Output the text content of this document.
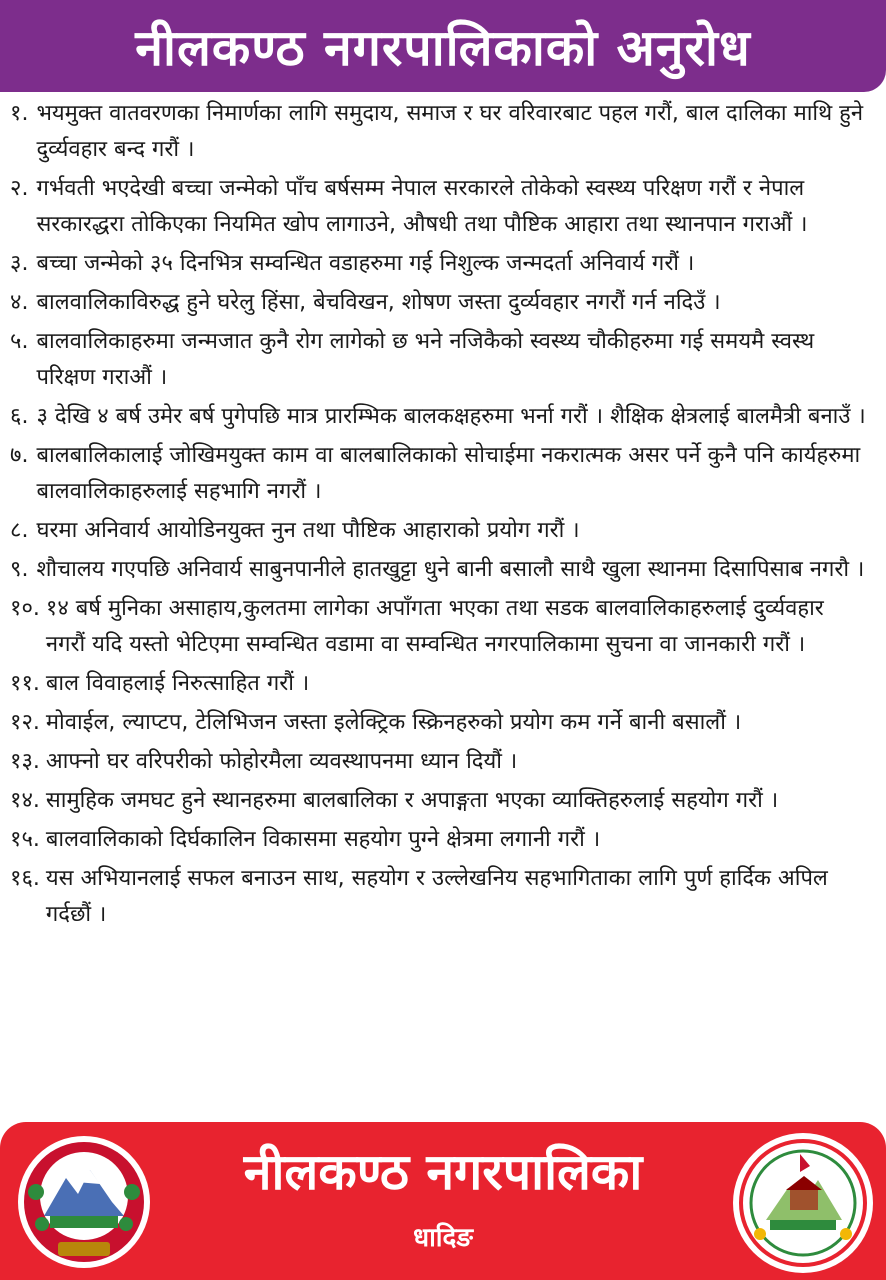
नीलकण्ठ नगरपालिकाको अनुरोध
१. भयमुक्त वातवरणका निमार्णका लागि समुदाय, समाज र घर वरिवारबाट पहल गरौं, बाल दालिका माथि हुने दुर्व्यवहार बन्द गरौं ।
२. गर्भवती भएदेखी बच्चा जन्मेको पाँच बर्षसम्म नेपाल सरकारले तोकेको स्वस्थ्य परिक्षण गरौं र नेपाल सरकारद्धरा तोकिएका नियमित खोप लागाउने, औषधी तथा पौष्टिक आहारा तथा स्थानपान गराऔं ।
३. बच्चा जन्मेको ३५ दिनभित्र सम्वन्धित वडाहरुमा गई निशुल्क जन्मदर्ता अनिवार्य गरौं ।
४. बालवालिकाविरुद्ध हुने घरेलु हिंसा, बेचविखन, शोषण जस्ता दुर्व्यवहार नगरौं गर्न नदिउँ ।
५. बालवालिकाहरुमा जन्मजात कुनै रोग लागेको छ भने नजिकैको स्वस्थ्य चौकीहरुमा गई समयमै स्वस्थ परिक्षण गराऔं ।
६. ३ देखि ४ बर्ष उमेर बर्ष पुगेपछि मात्र प्रारम्भिक बालकक्षहरुमा भर्ना गरौं । शैक्षिक क्षेत्रलाई बालमैत्री बनाउँ ।
७. बालबालिकालाई जोखिमयुक्त काम वा बालबालिकाको सोचाईमा नकरात्मक असर पर्ने कुनै पनि कार्यहरुमा बालवालिकाहरुलाई सहभागि नगरौं ।
८. घरमा अनिवार्य आयोडिनयुक्त नुन तथा पौष्टिक आहाराको प्रयोग गरौं ।
९. शौचालय गएपछि अनिवार्य साबुनपानीले हातखुट्टा धुने बानी बसालौ साथै खुला स्थानमा दिसापिसाब नगरौ ।
१०. १४ बर्ष मुनिका असाहाय,कुलतमा लागेका अपाँगता भएका तथा सडक बालवालिकाहरुलाई दुर्व्यवहार नगरौं यदि यस्तो भेटिएमा सम्वन्धित वडामा वा सम्वन्धित नगरपालिकामा सुचना वा जानकारी गरौं ।
११. बाल विवाहलाई निरुत्साहित गरौं ।
१२. मोवाईल, ल्याप्टप, टेलिभिजन जस्ता इलेक्ट्रिक स्क्रिनहरुको प्रयोग कम गर्ने बानी बसालौं ।
१३. आफ्नो घर वरिपरीको फोहोरमैला व्यवस्थापनमा ध्यान दियौं ।
१४. सामुहिक जमघट हुने स्थानहरुमा बालबालिका र अपाङ्गता भएका व्याक्तिहरुलाई सहयोग गरौं ।
१५. बालवालिकाको दिर्घकालिन विकासमा सहयोग पुग्ने क्षेत्रमा लगानी गरौं ।
१६. यस अभियानलाई सफल बनाउन साथ, सहयोग र उल्लेखनिय सहभागिताका लागि पुर्ण हार्दिक अपिल गर्दछौं ।
नीलकण्ठ नगरपालिका
धादिङ
